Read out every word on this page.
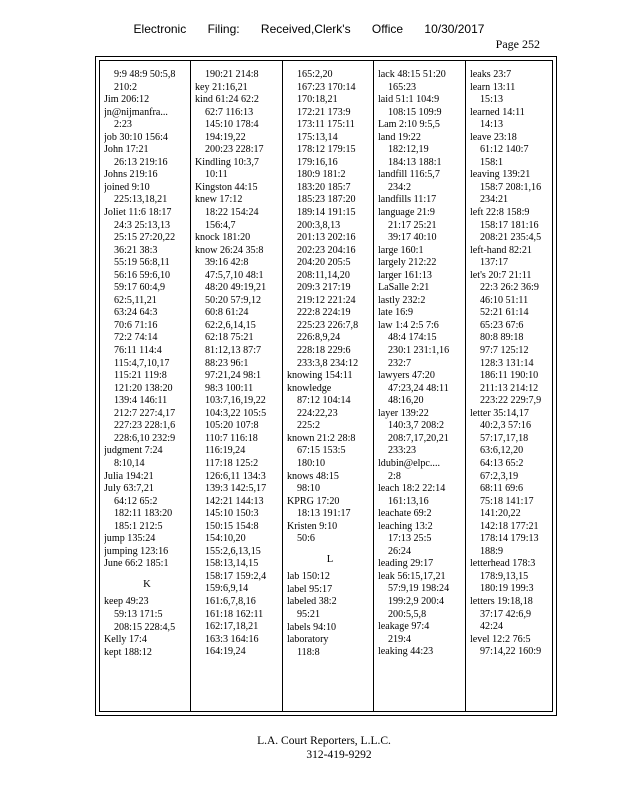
Electronic Filing: Received,Clerk's Office 10/30/2017
Page 252
9:9 48:9 50:5,8
210:2
Jim 206:12
jn@nijmanfra...
2:23
job 30:10 156:4
John 17:21
26:13 219:16
Johns 219:16
joined 9:10
225:13,18,21
Joliet 11:6 18:17
24:3 25:13,13
25:15 27:20,22
36:21 38:3
55:19 56:8,11
56:16 59:6,10
59:17 60:4,9
62:5,11,21
63:24 64:3
70:6 71:16
72:2 74:14
76:11 114:4
115:4,7,10,17
115:21 119:8
121:20 138:20
139:4 146:11
212:7 227:4,17
227:23 228:1,6
228:6,10 232:9
judgment 7:24
8:10,14
Julia 194:21
July 63:7,21
64:12 65:2
182:11 183:20
185:1 212:5
jump 135:24
jumping 123:16
June 66:2 185:1
K
keep 49:23
59:13 171:5
208:15 228:4,5
Kelly 17:4
kept 188:12
190:21 214:8
key 21:16,21
kind 61:24 62:2
62:7 116:13
145:10 178:4
194:19,22
200:23 228:17
Kindling 10:3,7
10:11
Kingston 44:15
knew 17:12
18:22 154:24
156:4,7
knock 181:20
know 26:24 35:8
39:16 42:8
47:5,7,10 48:1
48:20 49:19,21
50:20 57:9,12
60:8 61:24
62:2,6,14,15
62:18 75:21
81:12,13 87:7
88:23 96:1
97:21,24 98:1
98:3 100:11
103:7,16,19,22
104:3,22 105:5
105:20 107:8
110:7 116:18
116:19,24
117:18 125:2
126:6,11 134:3
139:3 142:5,17
142:21 144:13
145:10 150:3
150:15 154:8
154:10,20
155:2,6,13,15
158:13,14,15
158:17 159:2,4
159:6,9,14
161:6,7,8,16
161:18 162:11
162:17,18,21
163:3 164:16
164:19,24
165:2,20
167:23 170:14
170:18,21
172:21 173:9
173:11 175:11
175:13,14
178:12 179:15
179:16,16
180:9 181:2
183:20 185:7
185:23 187:20
189:14 191:15
200:3,8,13
201:13 202:16
202:23 204:16
204:20 205:5
208:11,14,20
209:3 217:19
219:12 221:24
222:8 224:19
225:23 226:7,8
226:8,9,24
228:18 229:6
233:3,8 234:12
knowing 154:11
knowledge
87:12 104:14
224:22,23
225:2
known 21:2 28:8
67:15 153:5
180:10
knows 48:15
98:10
KPRG 17:20
18:13 191:17
Kristen 9:10
50:6
L
lab 150:12
label 95:17
labeled 38:2
95:21
labels 94:10
laboratory
118:8
lack 48:15 51:20
165:23
laid 51:1 104:9
108:15 109:9
Lam 2:10 9:5,5
land 19:22
182:12,19
184:13 188:1
landfill 116:5,7
234:2
landfills 11:17
language 21:9
21:17 25:21
39:17 40:10
large 160:1
largely 212:22
larger 161:13
LaSalle 2:21
lastly 232:2
late 16:9
law 1:4 2:5 7:6
48:4 174:15
230:1 231:1,16
232:7
lawyers 47:20
47:23,24 48:11
48:16,20
layer 139:22
140:3,7 208:2
208:7,17,20,21
233:23
ldubin@elpc....
2:8
leach 18:2 22:14
161:13,16
leachate 69:2
leaching 13:2
17:13 25:5
26:24
leading 29:17
leak 56:15,17,21
57:9,19 198:24
199:2,9 200:4
200:5,5,8
leakage 97:4
219:4
leaking 44:23
leaks 23:7
learn 13:11
15:13
learned 14:11
14:13
leave 23:18
61:12 140:7
158:1
leaving 139:21
158:7 208:1,16
234:21
left 22:8 158:9
158:17 181:16
208:21 235:4,5
left-hand 82:21
137:17
let's 20:7 21:11
22:3 26:2 36:9
46:10 51:11
52:21 61:14
65:23 67:6
80:8 89:18
97:7 125:12
128:3 131:14
186:11 190:10
211:13 214:12
223:22 229:7,9
letter 35:14,17
40:2,3 57:16
57:17,17,18
63:6,12,20
64:13 65:2
67:2,3,19
68:11 69:6
75:18 141:17
141:20,22
142:18 177:21
178:14 179:13
188:9
letterhead 178:3
178:9,13,15
180:19 199:3
letters 19:18,18
37:17 42:6,9
42:24
level 12:2 76:5
97:14,22 160:9
L.A. Court Reporters, L.L.C.
312-419-9292
